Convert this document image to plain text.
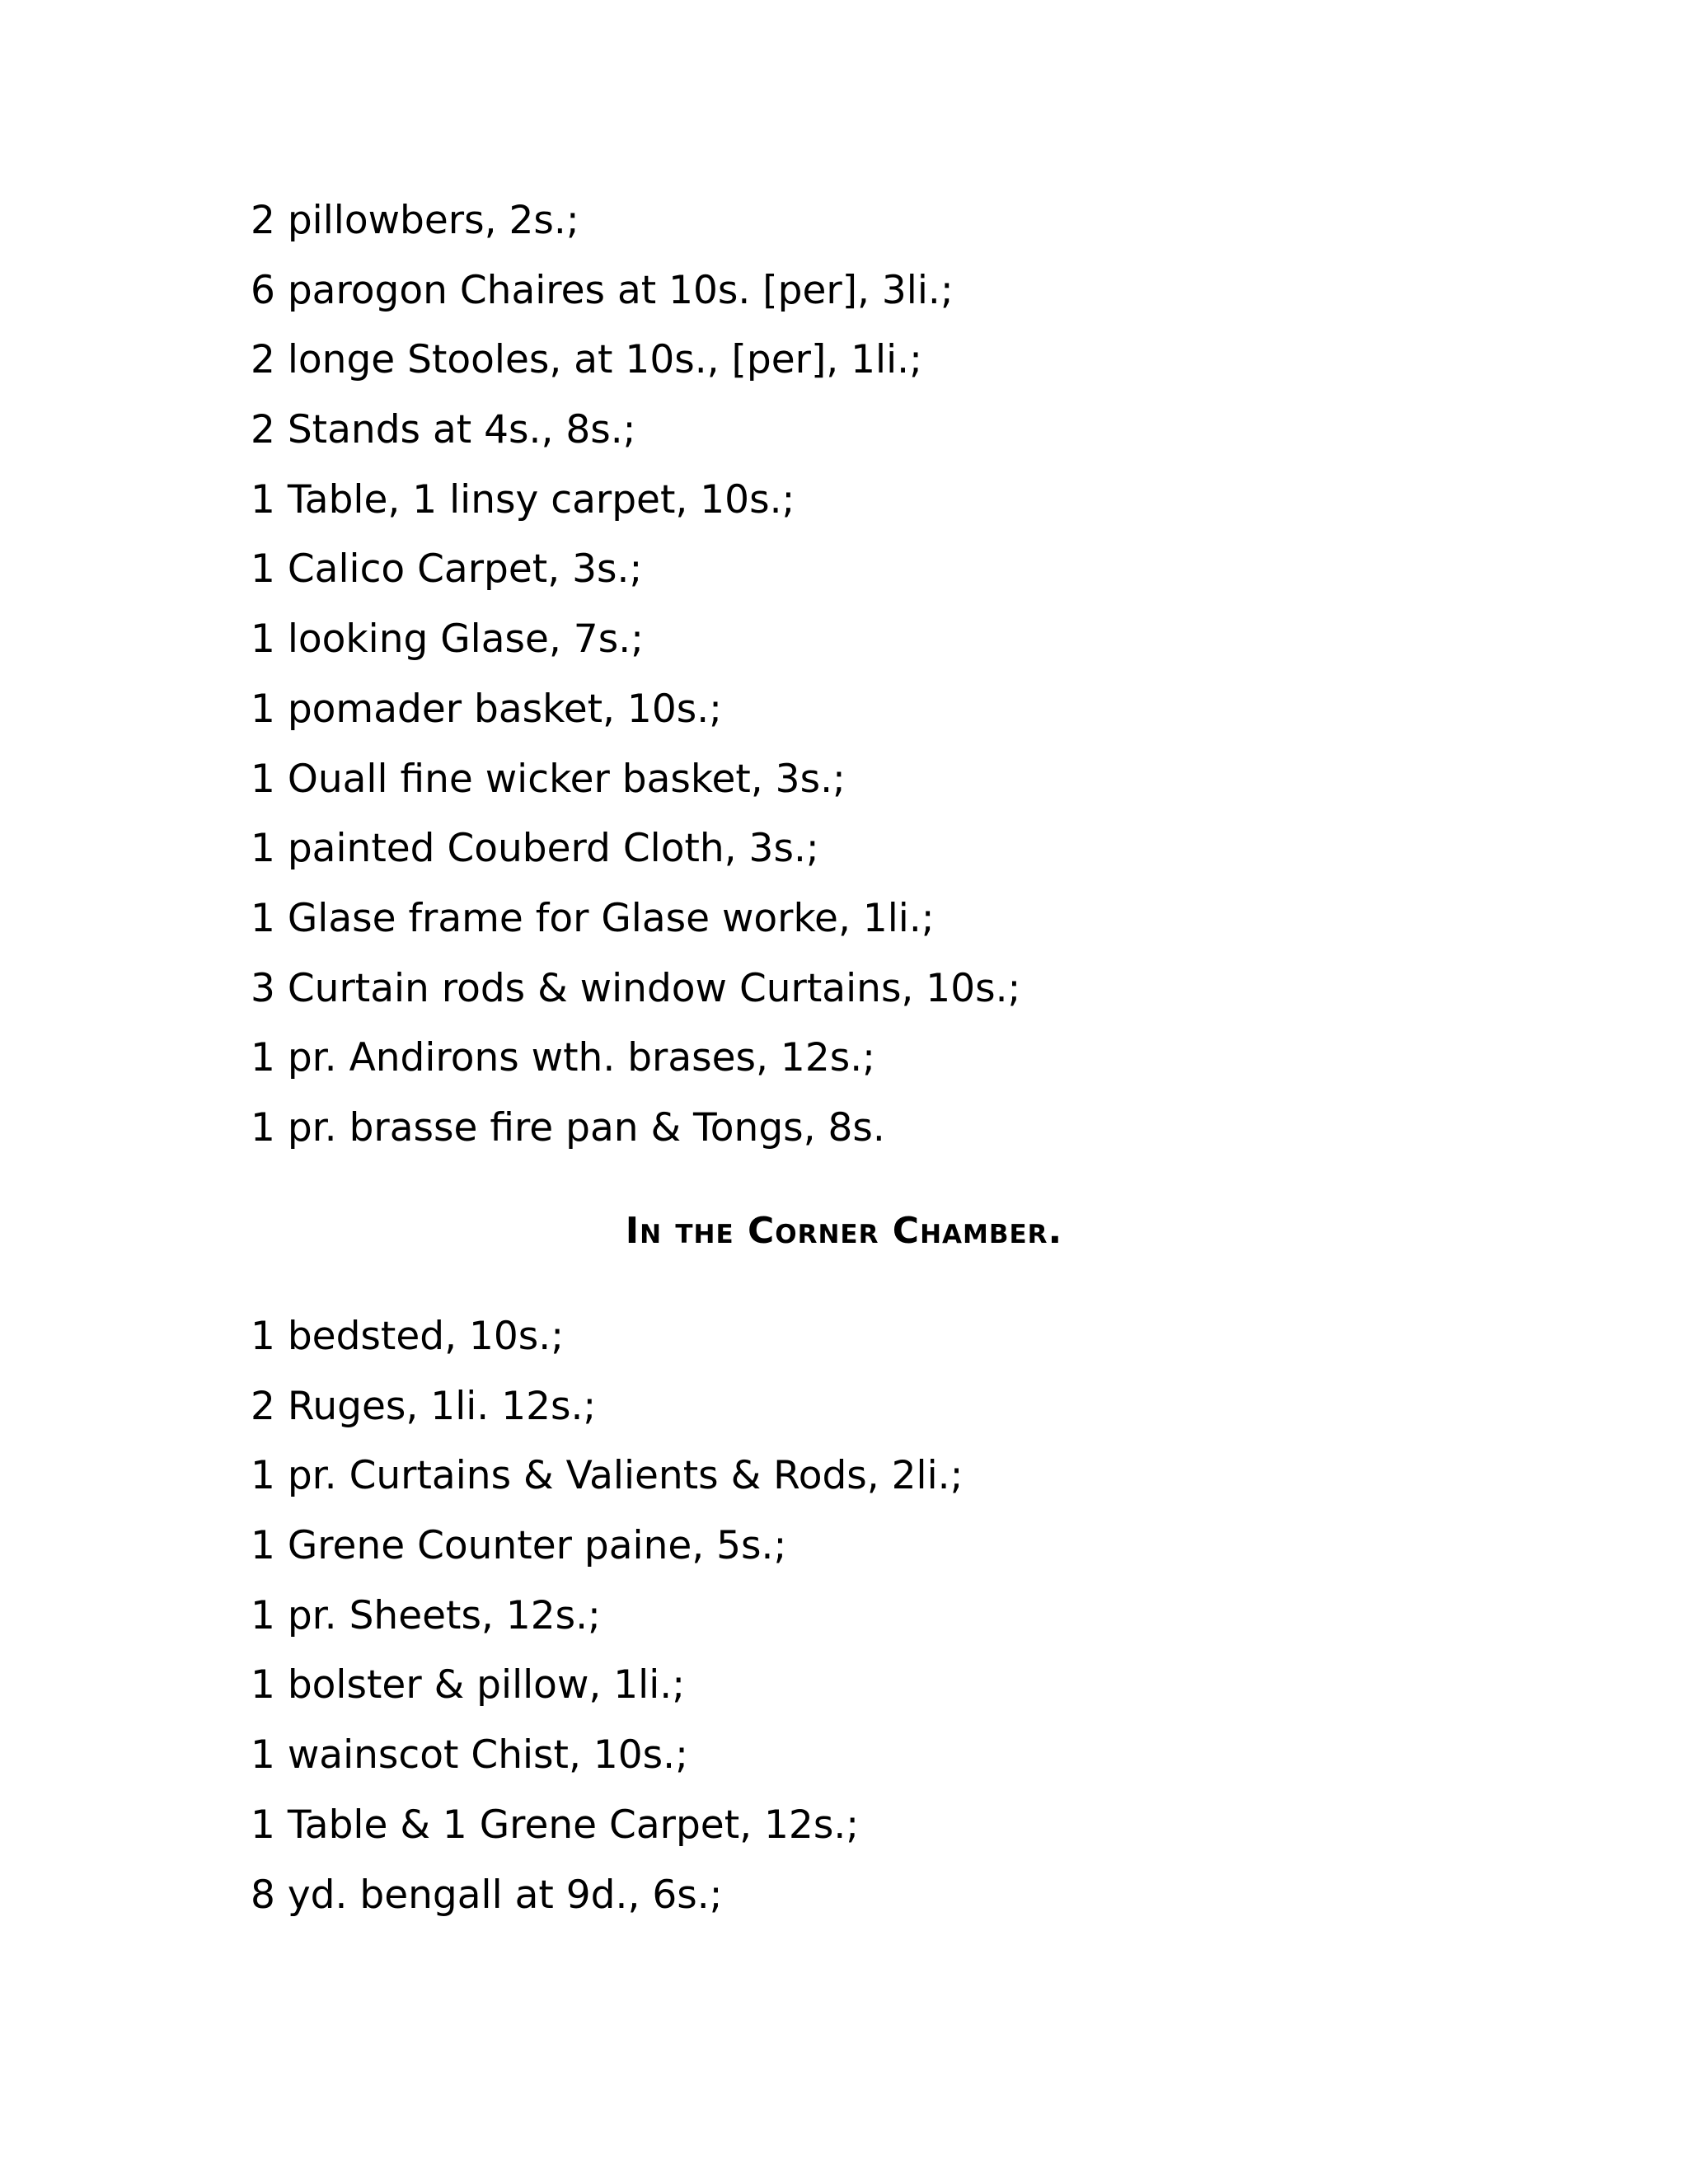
2 pillowbers, 2s.;
6 parogon Chaires at 10s. [per], 3li.;
2 longe Stooles, at 10s., [per], 1li.;
2 Stands at 4s., 8s.;
1 Table, 1 linsy carpet, 10s.;
1 Calico Carpet, 3s.;
1 looking Glase, 7s.;
1 pomader basket, 10s.;
1 Ouall fine wicker basket, 3s.;
1 painted Couberd Cloth, 3s.;
1 Glase frame for Glase worke, 1li.;
3 Curtain rods & window Curtains, 10s.;
1 pr. Andirons wth. brases, 12s.;
1 pr. brasse fire pan & Tongs, 8s.
In the Corner Chamber.
1 bedsted, 10s.;
2 Ruges, 1li. 12s.;
1 pr. Curtains & Valients & Rods, 2li.;
1 Grene Counter paine, 5s.;
1 pr. Sheets, 12s.;
1 bolster & pillow, 1li.;
1 wainscot Chist, 10s.;
1 Table & 1 Grene Carpet, 12s.;
8 yd. bengall at 9d., 6s.;
